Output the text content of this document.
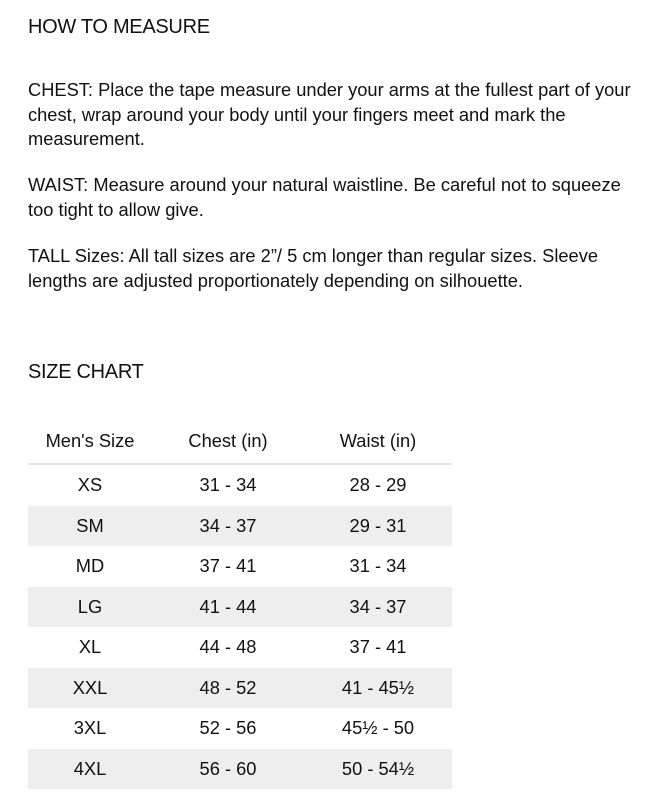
HOW TO MEASURE

CHEST: Place the tape measure under your arms at the fullest part of your chest, wrap around your body until your fingers meet and mark the measurement.

WAIST: Measure around your natural waistline. Be careful not to squeeze too tight to allow give.

TALL Sizes: All tall sizes are 2”/ 5 cm longer than regular sizes. Sleeve lengths are adjusted proportionately depending on silhouette.

SIZE CHART
Men's Size	Chest (in)	Waist (in)
XS	31 - 34	28 - 29
SM	34 - 37	29 - 31
MD	37 - 41	31 - 34
LG	41 - 44	34 - 37
XL	44 - 48	37 - 41
XXL	48 - 52	41 - 45½
3XL	52 - 56	45½ - 50
4XL	56 - 60	50 - 54½
